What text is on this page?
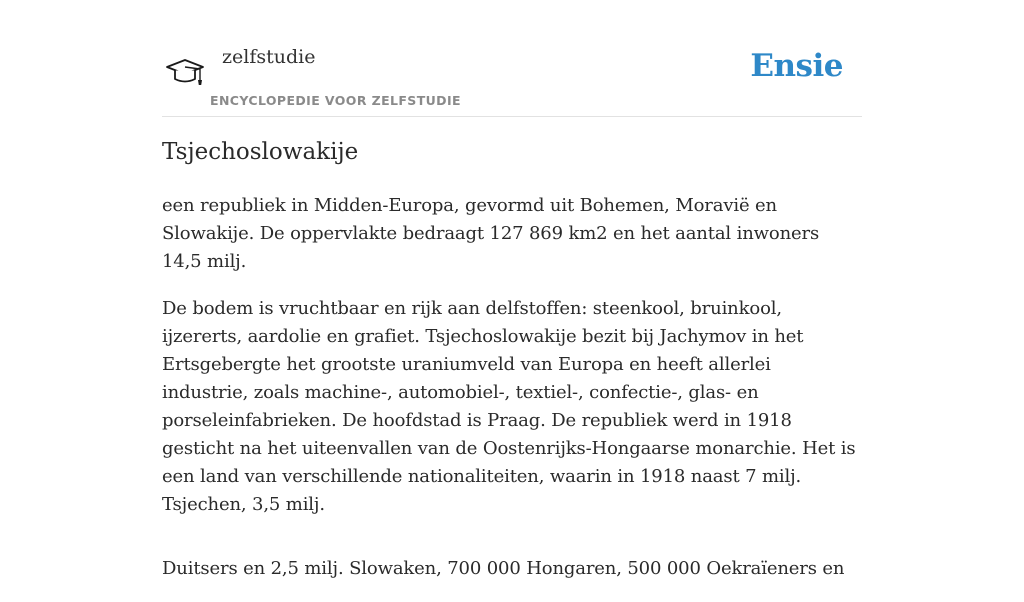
zelfstudie
ENCYCLOPEDIE VOOR ZELFSTUDIE
Ensie
Tsjechoslowakije

een republiek in Midden-Europa, gevormd uit Bohemen, Moravië en Slowakije. De oppervlakte bedraagt 127 869 km2 en het aantal inwoners 14,5 milj.

De bodem is vruchtbaar en rijk aan delfstoffen: steenkool, bruinkool, ijzererts, aardolie en grafiet. Tsjechoslowakije bezit bij Jachymov in het Ertsgebergte het grootste uraniumveld van Europa en heeft allerlei industrie, zoals machine-, automobiel-, textiel-, confectie-, glas- en porseleinfabrieken. De hoofdstad is Praag. De republiek werd in 1918 gesticht na het uiteenvallen van de Oostenrijks-Hongaarse monarchie. Het is een land van verschillende nationaliteiten, waarin in 1918 naast 7 milj. Tsjechen, 3,5 milj.

Duitsers en 2,5 milj. Slowaken, 700 000 Hongaren, 500 000 Oekraïeners en
